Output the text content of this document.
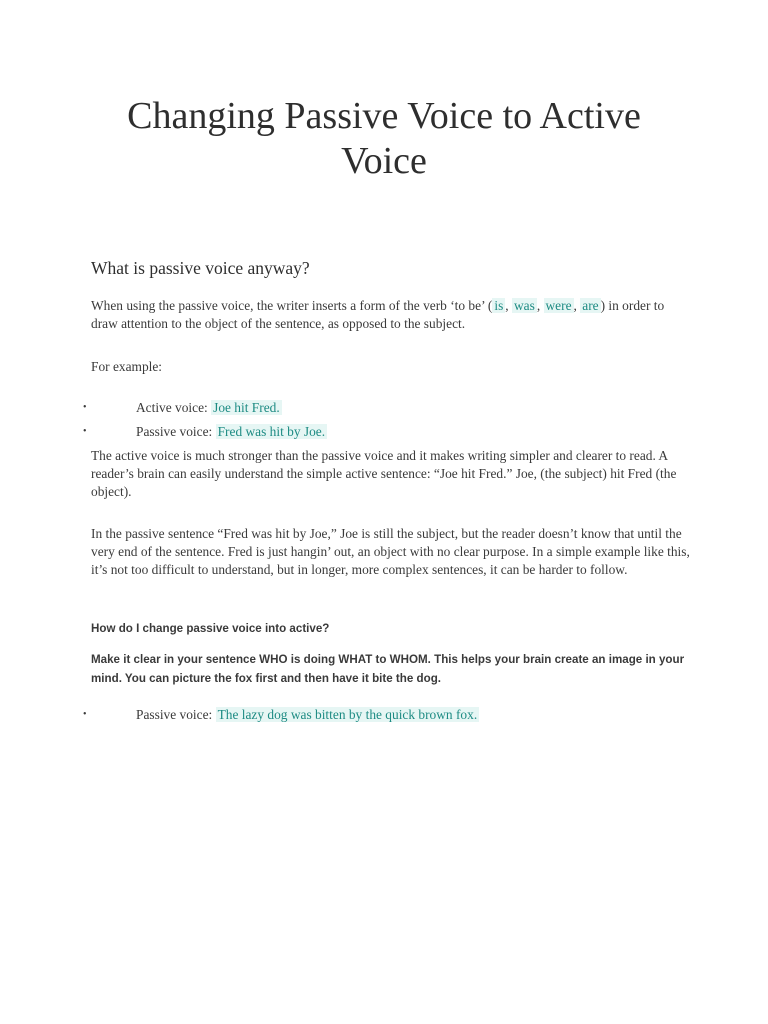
Changing Passive Voice to Active Voice
What is passive voice anyway?

When using the passive voice, the writer inserts a form of the verb ‘to be’ ( is , was , were , are ) in order to draw attention to the object of the sentence, as opposed to the subject.

For example:

•	Active voice: Joe hit Fred.
•	Passive voice: Fred was hit by Joe.

The active voice is much stronger than the passive voice and it makes writing simpler and clearer to read. A reader’s brain can easily understand the simple active sentence: “Joe hit Fred.” Joe, (the subject) hit Fred (the object).

In the passive sentence “Fred was hit by Joe,” Joe is still the subject, but the reader doesn’t know that until the very end of the sentence. Fred is just hangin’ out, an object with no clear purpose. In a simple example like this, it’s not too difficult to understand, but in longer, more complex sentences, it can be harder to follow.

How do I change passive voice into active?

Make it clear in your sentence WHO is doing WHAT to WHOM. This helps your brain create an image in your mind. You can picture the fox first and then have it bite the dog.

•	Passive voice: The lazy dog was bitten by the quick brown fox.
